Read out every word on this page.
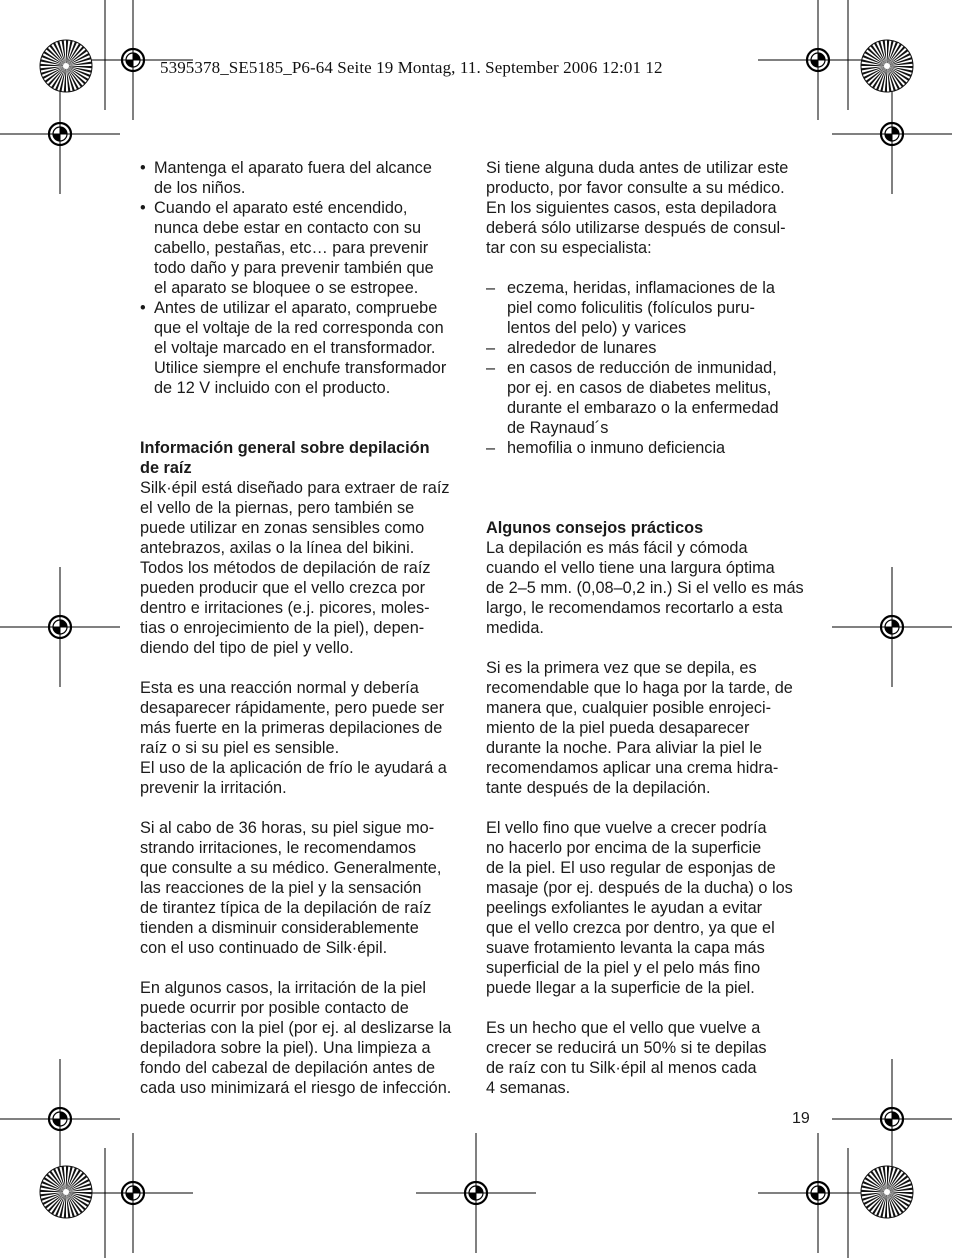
5395378_SE5185_P6-64 Seite 19 Montag, 11. September 2006 12:01 12
• Mantenga el aparato fuera del alcance
de los niños.
• Cuando el aparato esté encendido,
nunca debe estar en contacto con su
cabello, pestañas, etc… para prevenir
todo daño y para prevenir también que
el aparato se bloquee o se estropee.
• Antes de utilizar el aparato, compruebe
que el voltaje de la red corresponda con
el voltaje marcado en el transformador.
Utilice siempre el enchufe transformador
de 12 V incluido con el producto.

Información general sobre depilación
de raíz

Silk·épil está diseñado para extraer de raíz
el vello de la piernas, pero también se
puede utilizar en zonas sensibles como
antebrazos, axilas o la línea del bikini.
Todos los métodos de depilación de raíz
pueden producir que el vello crezca por
dentro e irritaciones (e.j. picores, moles-
tias o enrojecimiento de la piel), depen-
diendo del tipo de piel y vello.

Esta es una reacción normal y debería
desaparecer rápidamente, pero puede ser
más fuerte en la primeras depilaciones de
raíz o si su piel es sensible.
El uso de la aplicación de frío le ayudará a
prevenir la irritación.

Si al cabo de 36 horas, su piel sigue mo-
strando irritaciones, le recomendamos
que consulte a su médico. Generalmente,
las reacciones de la piel y la sensación
de tirantez típica de la depilación de raíz
tienden a disminuir considerablemente
con el uso continuado de Silk·épil.

En algunos casos, la irritación de la piel
puede ocurrir por posible contacto de
bacterias con la piel (por ej. al deslizarse la
depiladora sobre la piel). Una limpieza a
fondo del cabezal de depilación antes de
cada uso minimizará el riesgo de infección.

Si tiene alguna duda antes de utilizar este
producto, por favor consulte a su médico.
En los siguientes casos, esta depiladora
deberá sólo utilizarse después de consul-
tar con su especialista:

– eczema, heridas, inflamaciones de la
piel como foliculitis (folículos puru-
lentos del pelo) y varices
– alrededor de lunares
– en casos de reducción de inmunidad,
por ej. en casos de diabetes melitus,
durante el embarazo o la enfermedad
de Raynaud´s
– hemofilia o inmuno deficiencia

Algunos consejos prácticos

La depilación es más fácil y cómoda
cuando el vello tiene una largura óptima
de 2–5 mm. (0,08–0,2 in.) Si el vello es más
largo, le recomendamos recortarlo a esta
medida.

Si es la primera vez que se depila, es
recomendable que lo haga por la tarde, de
manera que, cualquier posible enrojeci-
miento de la piel pueda desaparecer
durante la noche. Para aliviar la piel le
recomendamos aplicar una crema hidra-
tante después de la depilación.

El vello fino que vuelve a crecer podría
no hacerlo por encima de la superficie
de la piel. El uso regular de esponjas de
masaje (por ej. después de la ducha) o los
peelings exfoliantes le ayudan a evitar
que el vello crezca por dentro, ya que el
suave frotamiento levanta la capa más
superficial de la piel y el pelo más fino
puede llegar a la superficie de la piel.

Es un hecho que el vello que vuelve a
crecer se reducirá un 50% si te depilas
de raíz con tu Silk·épil al menos cada
4 semanas.

19
